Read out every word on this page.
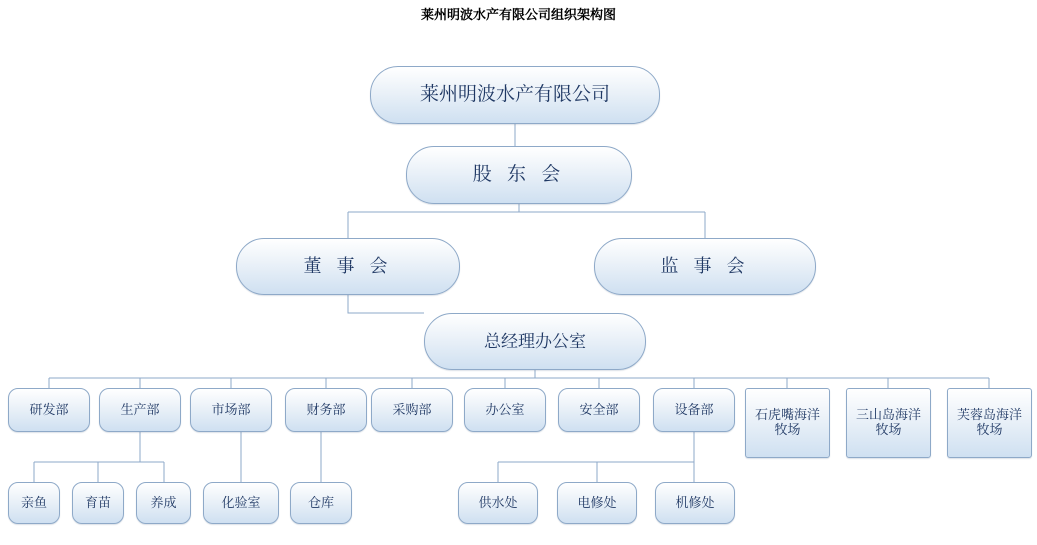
莱州明波水产有限公司组织架构图
莱州明波水产有限公司
股 东 会
董 事 会	监 事 会
总经理办公室
研发部	生产部	市场部	财务部	采购部	办公室	安全部	设备部	石虎嘴海洋牧场
三山岛海洋牧场
芙蓉岛海洋牧场
亲鱼	育苗	养成	化验室	仓库	供水处	电修处	机修处
